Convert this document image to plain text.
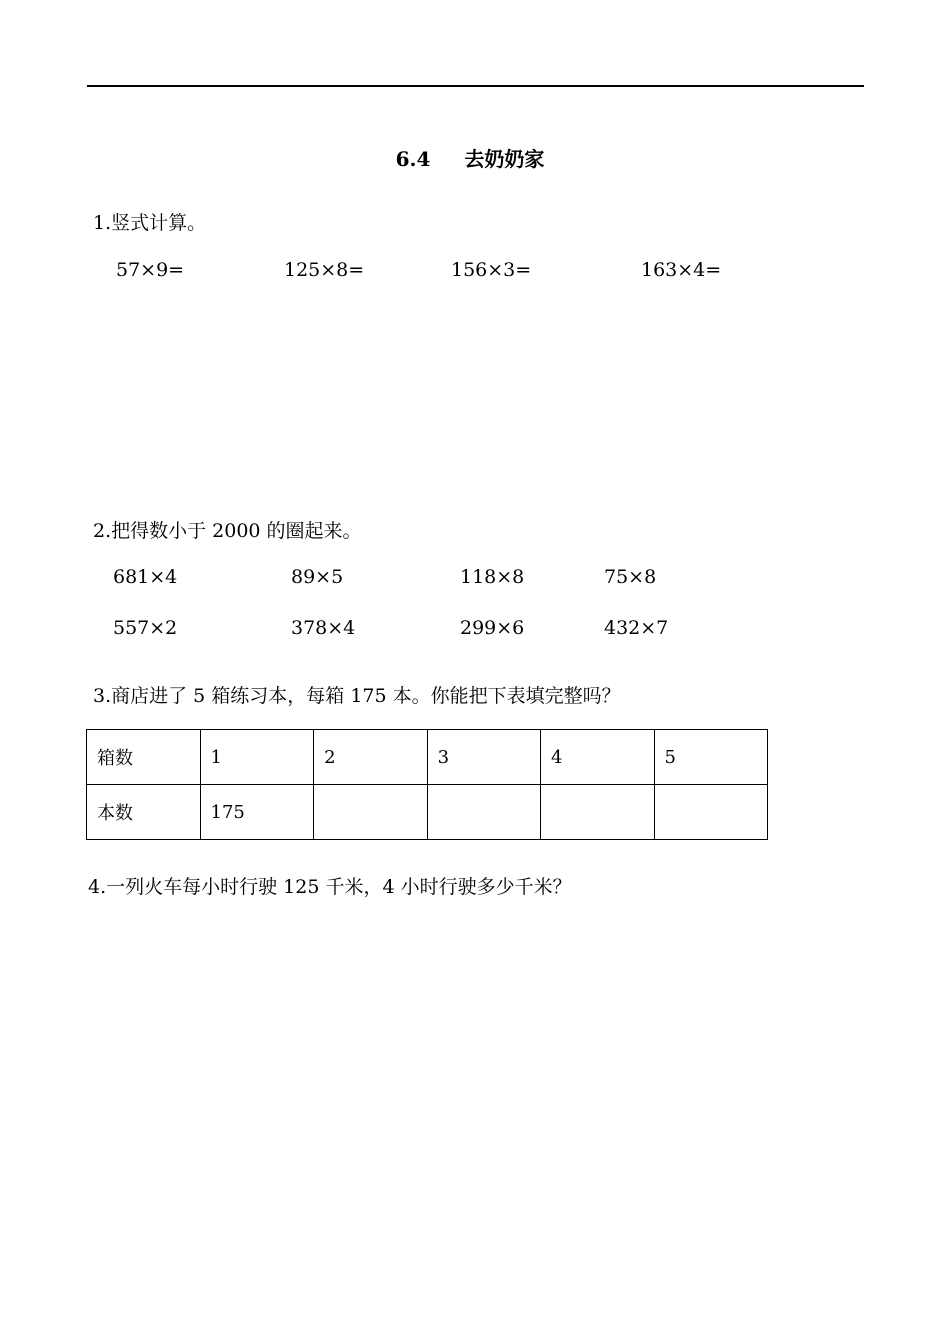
6.4 去奶奶家
1.竖式计算。
57×9=	125×8=	156×3=	163×4=
2.把得数小于 2000 的圈起来。
681×4	89×5	118×8	75×8
557×2	378×4	299×6	432×7
3.商店进了 5 箱练习本，每箱 175 本。你能把下表填完整吗？
箱数	1	2	3	4	5
本数	175				
4.一列火车每小时行驶 125 千米，4 小时行驶多少千米？
